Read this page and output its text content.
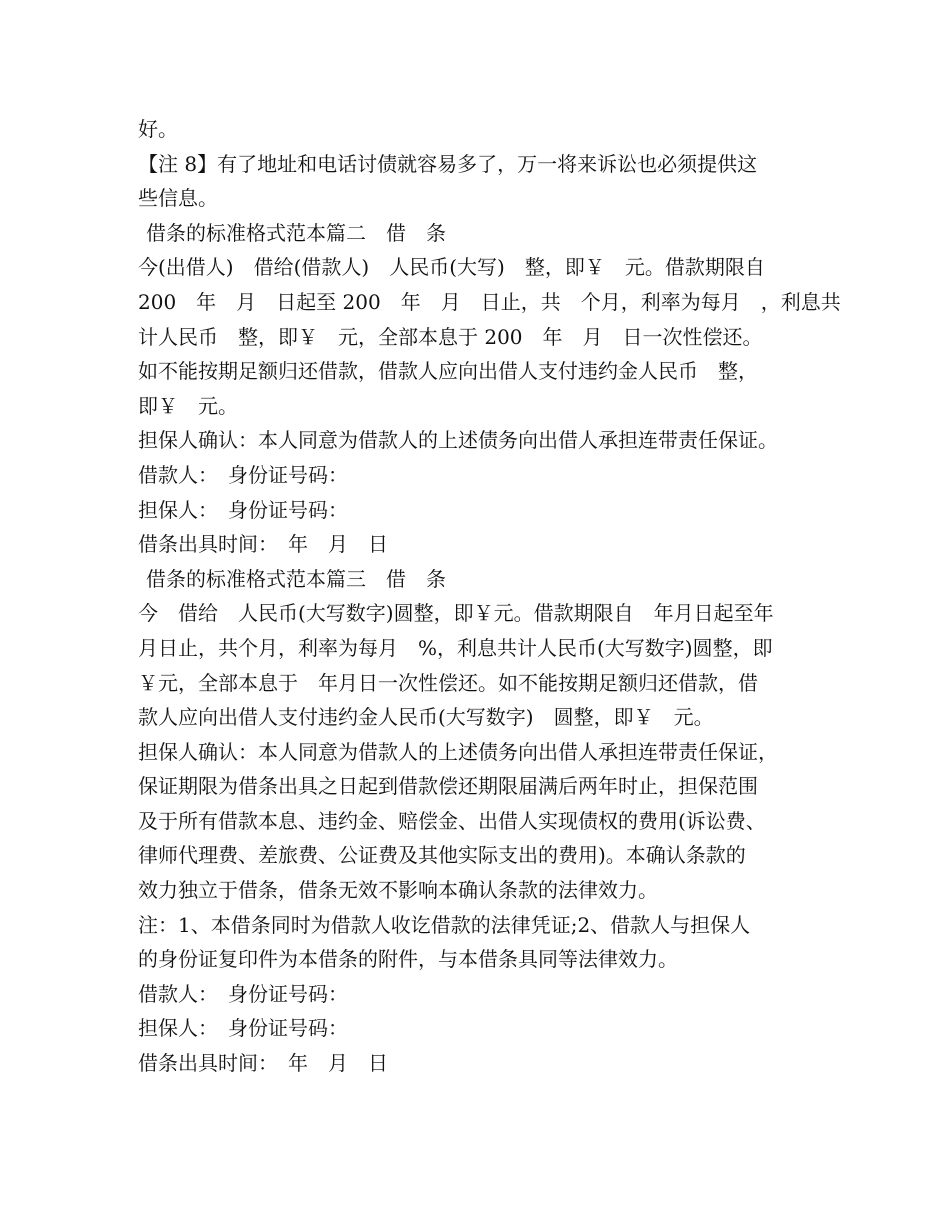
好。
【注 8】有了地址和电话讨债就容易多了，万一将来诉讼也必须提供这
些信息。
借条的标准格式范本篇二　借　条
今(出借人)　借给(借款人)　人民币(大写)　整，即￥　元。借款期限自
200　年　月　日起至 200　年　月　日止，共　个月，利率为每月　，利息共
计人民币　整，即￥　元，全部本息于 200　年　月　日一次性偿还。
如不能按期足额归还借款，借款人应向出借人支付违约金人民币　整，
即￥　元。
担保人确认：本人同意为借款人的上述债务向出借人承担连带责任保证。
借款人：　身份证号码：
担保人：　身份证号码：
借条出具时间：　年　月　日
借条的标准格式范本篇三　借　条
今　借给　人民币(大写数字)圆整，即￥元。借款期限自　年月日起至年
月日止，共个月，利率为每月　%，利息共计人民币(大写数字)圆整，即
￥元，全部本息于　年月日一次性偿还。如不能按期足额归还借款，借
款人应向出借人支付违约金人民币(大写数字)　圆整，即￥　元。
担保人确认：本人同意为借款人的上述债务向出借人承担连带责任保证，
保证期限为借条出具之日起到借款偿还期限届满后两年时止，担保范围
及于所有借款本息、违约金、赔偿金、出借人实现债权的费用(诉讼费、
律师代理费、差旅费、公证费及其他实际支出的费用)。本确认条款的
效力独立于借条，借条无效不影响本确认条款的法律效力。
注：1、本借条同时为借款人收讫借款的法律凭证;2、借款人与担保人
的身份证复印件为本借条的附件，与本借条具同等法律效力。
借款人：　身份证号码：
担保人：　身份证号码：
借条出具时间：　年　月　日
